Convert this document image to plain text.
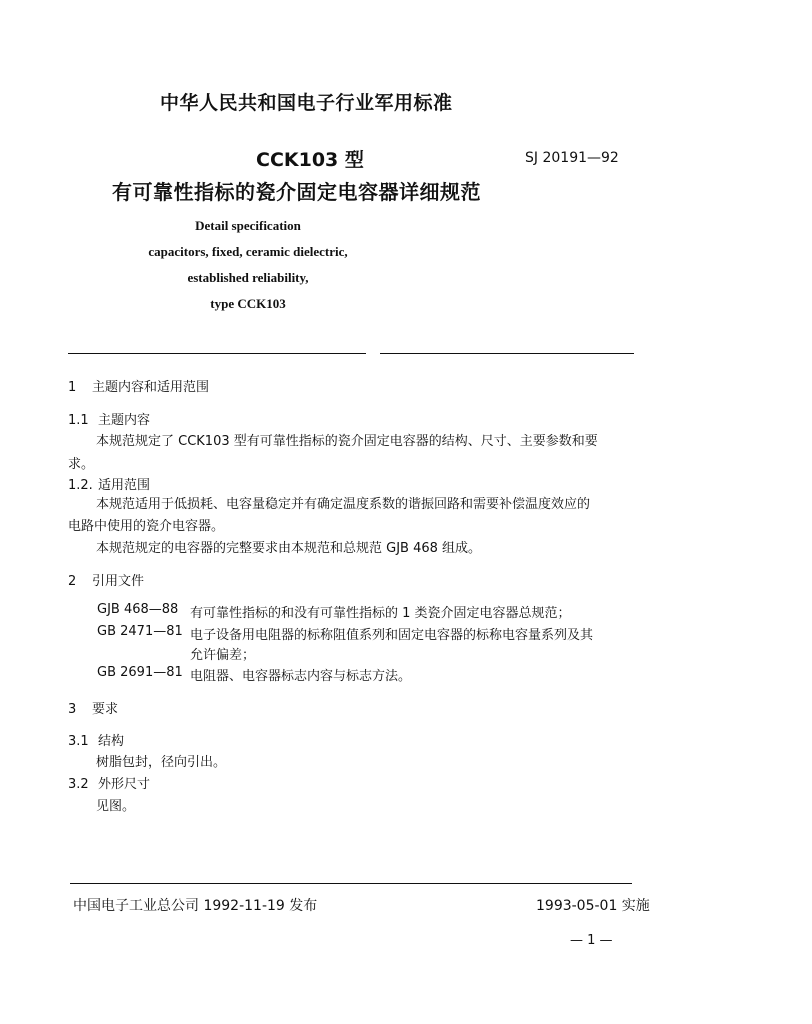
中华人民共和国电子行业军用标准
CCK103 型	SJ 20191—92
有可靠性指标的瓷介固定电容器详细规范
Detail specification
capacitors, fixed, ceramic dielectric,
established reliability,
type CCK103
1 主题内容和适用范围
1.1 主题内容
本规范规定了 CCK103 型有可靠性指标的瓷介固定电容器的结构、尺寸、主要参数和要
求。
1.2. 适用范围
本规范适用于低损耗、电容量稳定并有确定温度系数的谐振回路和需要补偿温度效应的
电路中使用的瓷介电容器。
本规范规定的电容器的完整要求由本规范和总规范 GJB 468 组成。
2 引用文件
GJB 468—88 有可靠性指标的和没有可靠性指标的 1 类瓷介固定电容器总规范；
GB 2471—81 电子设备用电阻器的标称阻值系列和固定电容器的标称电容量系列及其
允许偏差；
GB 2691—81 电阻器、电容器标志内容与标志方法。
3 要求
3.1 结构
树脂包封，径向引出。
3.2 外形尺寸
见图。
中国电子工业总公司 1992-11-19 发布	1993-05-01 实施
— 1 —
